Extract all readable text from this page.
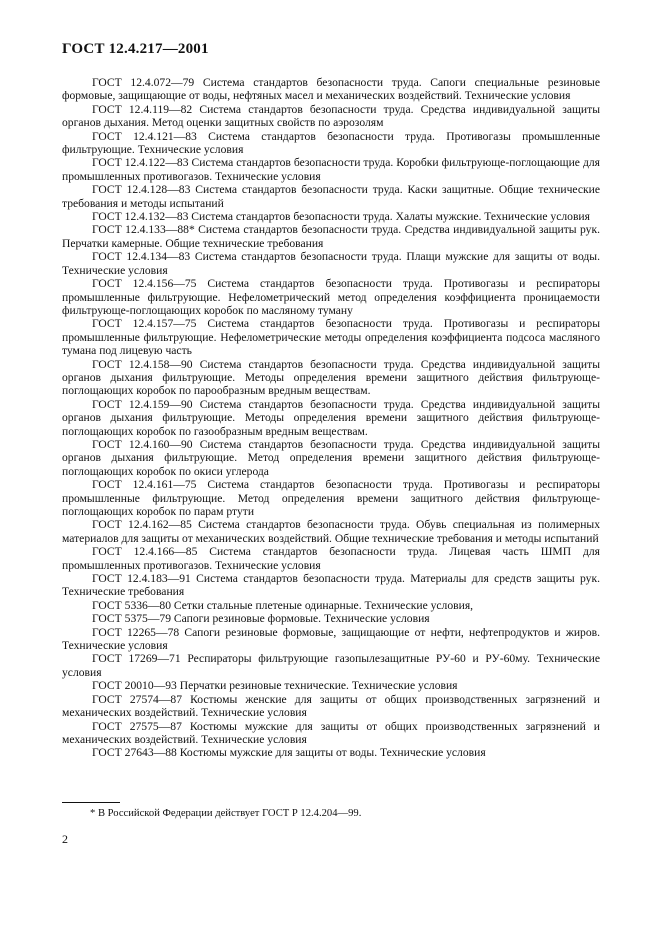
ГОСТ 12.4.217—2001

ГОСТ 12.4.072—79 Система стандартов безопасности труда. Сапоги специальные резиновые формовые, защищающие от воды, нефтяных масел и механических воздействий. Технические условия

ГОСТ 12.4.119—82 Система стандартов безопасности труда. Средства индивидуальной защиты органов дыхания. Метод оценки защитных свойств по аэрозолям

ГОСТ 12.4.121—83 Система стандартов безопасности труда. Противогазы промышленные фильтрующие. Технические условия

ГОСТ 12.4.122—83 Система стандартов безопасности труда. Коробки фильтрующе-поглощающие для промышленных противогазов. Технические условия

ГОСТ 12.4.128—83 Система стандартов безопасности труда. Каски защитные. Общие технические требования и методы испытаний

ГОСТ 12.4.132—83 Система стандартов безопасности труда. Халаты мужские. Технические условия

ГОСТ 12.4.133—88* Система стандартов безопасности труда. Средства индивидуальной защиты рук. Перчатки камерные. Общие технические требования

ГОСТ 12.4.134—83 Система стандартов безопасности труда. Плащи мужские для защиты от воды. Технические условия

ГОСТ 12.4.156—75 Система стандартов безопасности труда. Противогазы и респираторы промышленные фильтрующие. Нефелометрический метод определения коэффициента проницаемости фильтрующе-поглощающих коробок по масляному туману

ГОСТ 12.4.157—75 Система стандартов безопасности труда. Противогазы и респираторы промышленные фильтрующие. Нефелометрические методы определения коэффициента подсоса масляного тумана под лицевую часть

ГОСТ 12.4.158—90 Система стандартов безопасности труда. Средства индивидуальной защиты органов дыхания фильтрующие. Методы определения времени защитного действия фильтрующе-поглощающих коробок по парообразным вредным веществам.

ГОСТ 12.4.159—90 Система стандартов безопасности труда. Средства индивидуальной защиты органов дыхания фильтрующие. Методы определения времени защитного действия фильтрующе-поглощающих коробок по газообразным вредным веществам.

ГОСТ 12.4.160—90 Система стандартов безопасности труда. Средства индивидуальной защиты органов дыхания фильтрующие. Метод определения времени защитного действия фильтрующе-поглощающих коробок по окиси углерода

ГОСТ 12.4.161—75 Система стандартов безопасности труда. Противогазы и респираторы промышленные фильтрующие. Метод определения времени защитного действия фильтрующе-поглощающих коробок по парам ртути

ГОСТ 12.4.162—85 Система стандартов безопасности труда. Обувь специальная из полимерных материалов для защиты от механических воздействий. Общие технические требования и методы испытаний

ГОСТ 12.4.166—85 Система стандартов безопасности труда. Лицевая часть ШМП для промышленных противогазов. Технические условия

ГОСТ 12.4.183—91 Система стандартов безопасности труда. Материалы для средств защиты рук. Технические требования

ГОСТ 5336—80 Сетки стальные плетеные одинарные. Технические условия,

ГОСТ 5375—79 Сапоги резиновые формовые. Технические условия

ГОСТ 12265—78 Сапоги резиновые формовые, защищающие от нефти, нефтепродуктов и жиров. Технические условия

ГОСТ 17269—71 Респираторы фильтрующие газопылезащитные РУ-60 и РУ-60му. Технические условия

ГОСТ 20010—93 Перчатки резиновые технические. Технические условия

ГОСТ 27574—87 Костюмы женские для защиты от общих производственных загрязнений и механических воздействий. Технические условия

ГОСТ 27575—87 Костюмы мужские для защиты от общих производственных загрязнений и механических воздействий. Технические условия

ГОСТ 27643—88 Костюмы мужские для защиты от воды. Технические условия

* В Российской Федерации действует ГОСТ Р 12.4.204—99.
2
